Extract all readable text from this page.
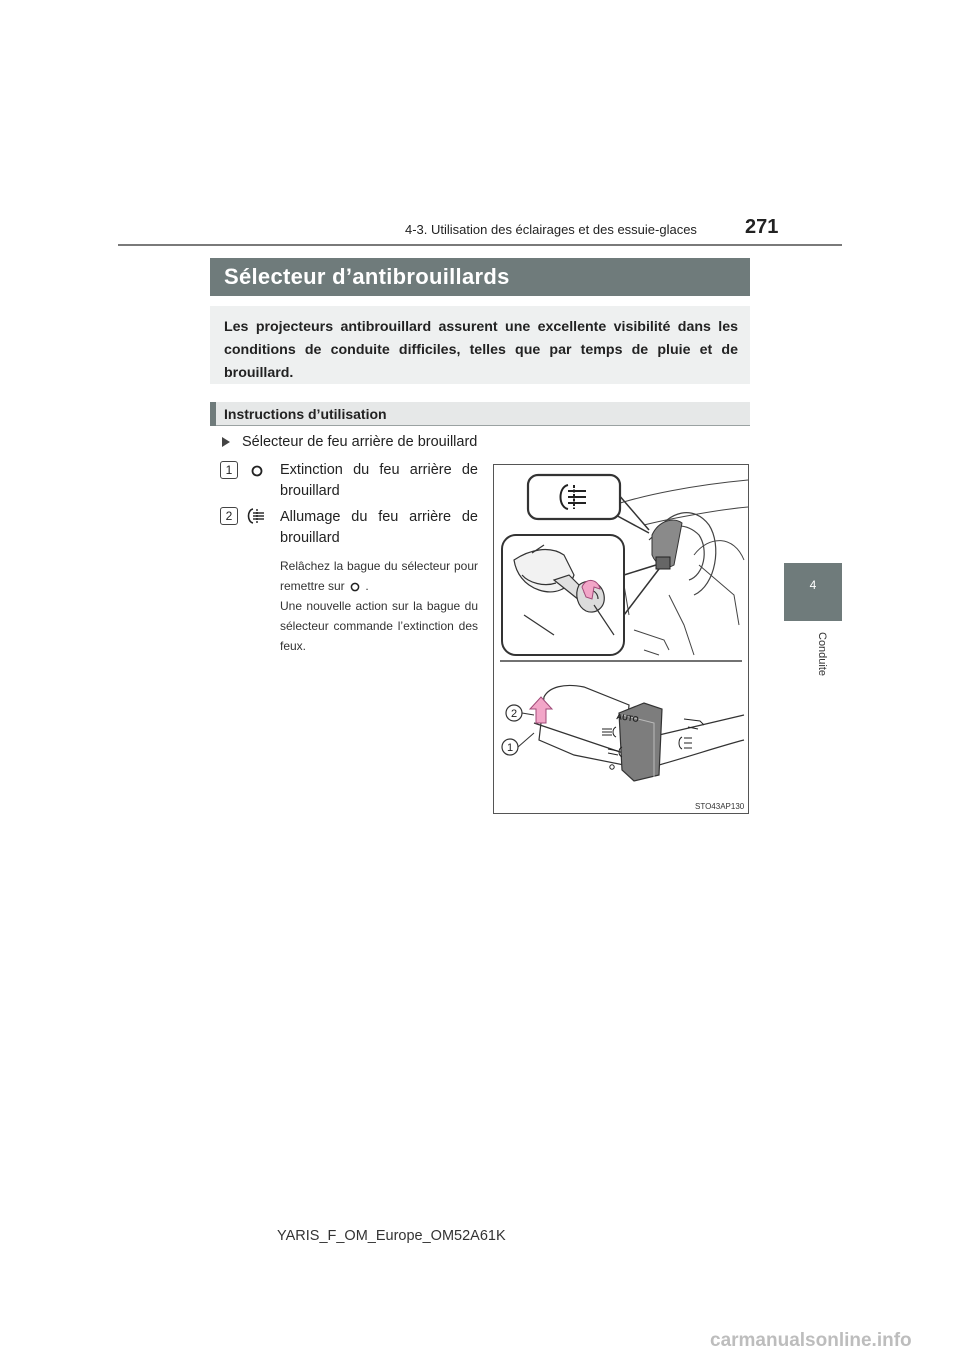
4-3. Utilisation des éclairages et des essuie-glaces 271
4
Conduite
Sélecteur d’antibrouillards
Les projecteurs antibrouillard assurent une excellente visibilité dans les conditions de conduite difficiles, telles que par temps de pluie et de brouillard.
Instructions d’utilisation
Sélecteur de feu arrière de brouillard
1	Extinction du feu arrière de brouillard
2	Allumage du feu arrière de brouillard
Relâchez la bague du sélecteur pour remettre sur .
Une nouvelle action sur la bague du sélecteur commande l’extinction des feux.
AUTO
2
1
STO43AP130
YARIS_F_OM_Europe_OM52A61K
carmanualsonline.info
